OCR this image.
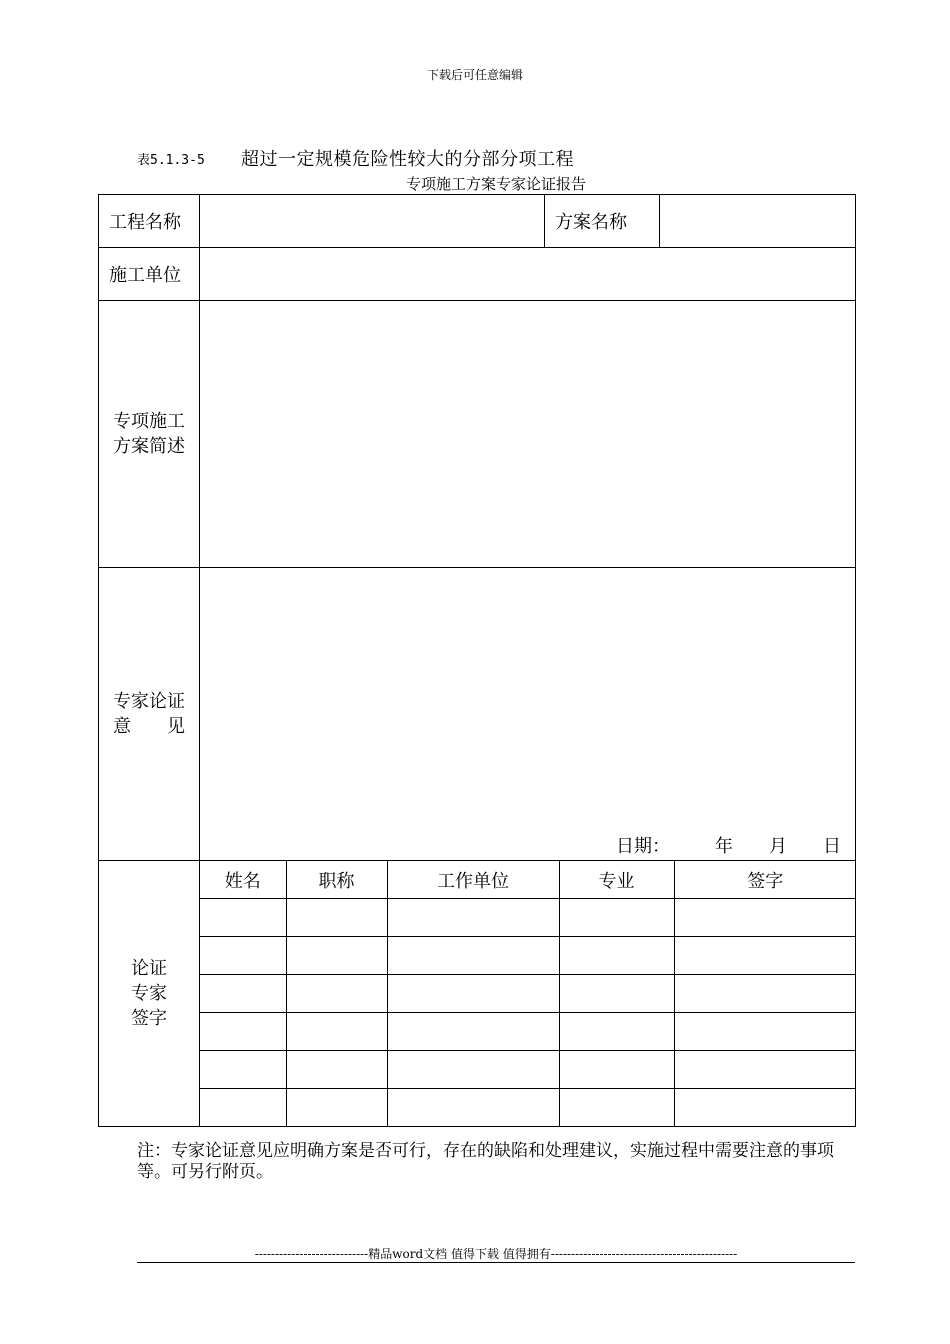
下载后可任意编辑
表5.1.3-5 超过一定规模危险性较大的分部分项工程
专项施工方案专家论证报告
工程名称		方案名称	
施工单位	

专项施工
方案简述

专家论证
意　　见

日期：　　　年　　月　　日

论证
专家
签字

姓名	职称	工作单位	专业	签字

注：专家论证意见应明确方案是否可行，存在的缺陷和处理建议，实施过程中需要注意的事项等。可另行附页。
----------------------------精品word文档 值得下载 值得拥有----------------------------------------------
